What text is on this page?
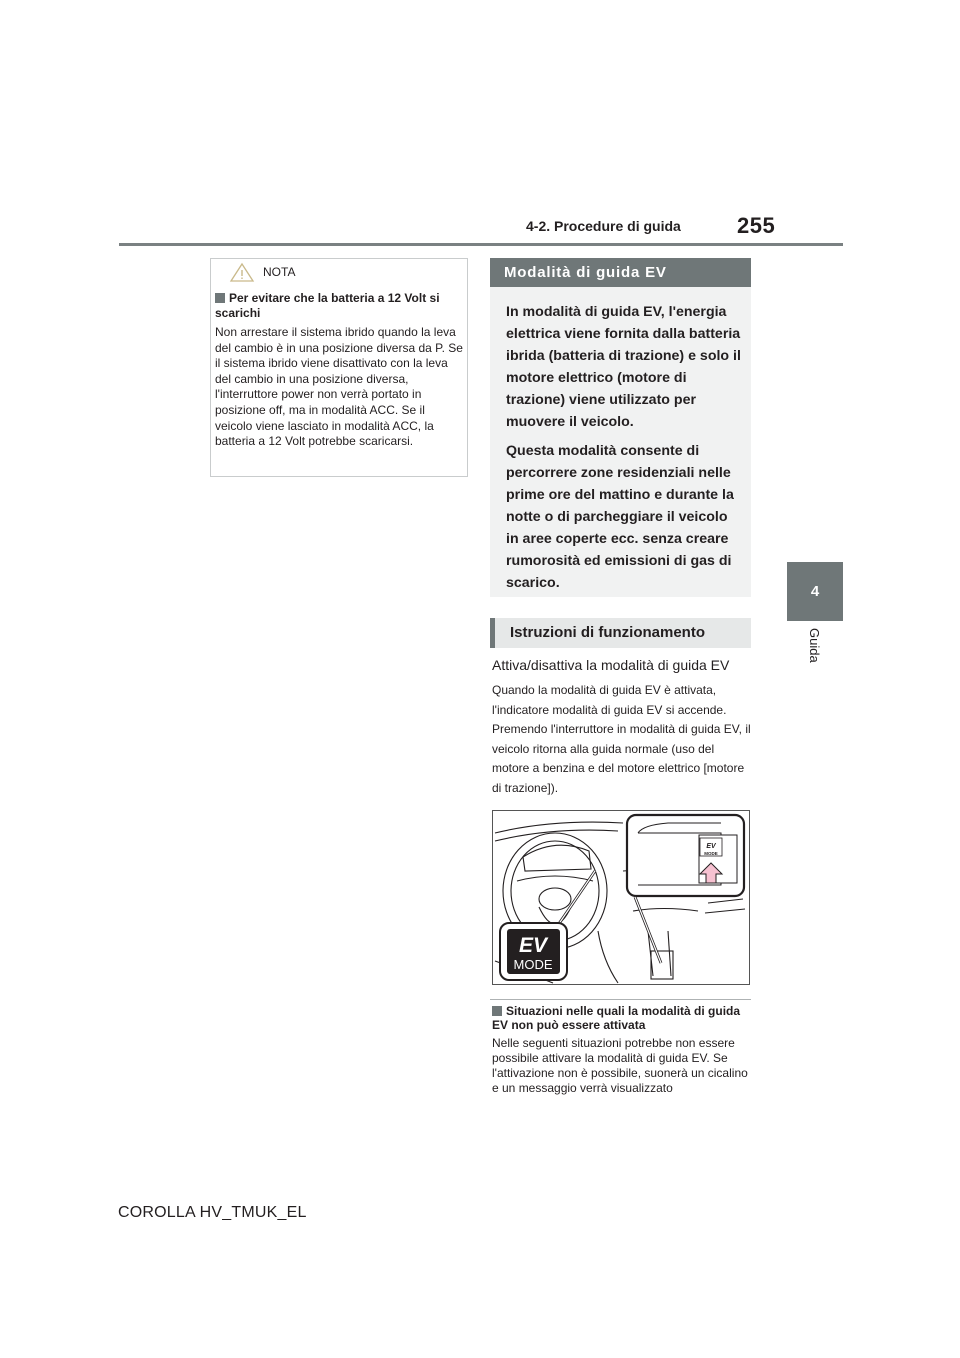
4-2. Procedure di guida	255
4
Guida
NOTA
Per evitare che la batteria a 12 Volt si scarichi
Non arrestare il sistema ibrido quando la leva del cambio è in una posizione diversa da P. Se il sistema ibrido viene disattivato con la leva del cambio in una posizione diversa, l'interruttore power non verrà portato in posizione off, ma in modalità ACC. Se il veicolo viene lasciato in modalità ACC, la batteria a 12 Volt potrebbe scaricarsi.
Modalità di guida EV

In modalità di guida EV, l'energia elettrica viene fornita dalla batteria ibrida (batteria di trazione) e solo il motore elettrico (motore di trazione) viene utilizzato per muovere il veicolo.

Questa modalità consente di percorrere zone residenziali nelle prime ore del mattino e durante la notte o di parcheggiare il veicolo in aree coperte ecc. senza creare rumorosità ed emissioni di gas di scarico.

Istruzioni di funzionamento
Attiva/disattiva la modalità di guida EV
Quando la modalità di guida EV è attivata, l'indicatore modalità di guida EV si accende. Premendo l'interruttore in modalità di guida EV, il veicolo ritorna alla guida normale (uso del motore a benzina e del motore elettrico [motore di trazione]).
EV
MODE
EV
MODE
Situazioni nelle quali la modalità di guida EV non può essere attivata
Nelle seguenti situazioni potrebbe non essere possibile attivare la modalità di guida EV. Se l'attivazione non è possibile, suonerà un cicalino e un messaggio verrà visualizzato
COROLLA HV_TMUK_EL
